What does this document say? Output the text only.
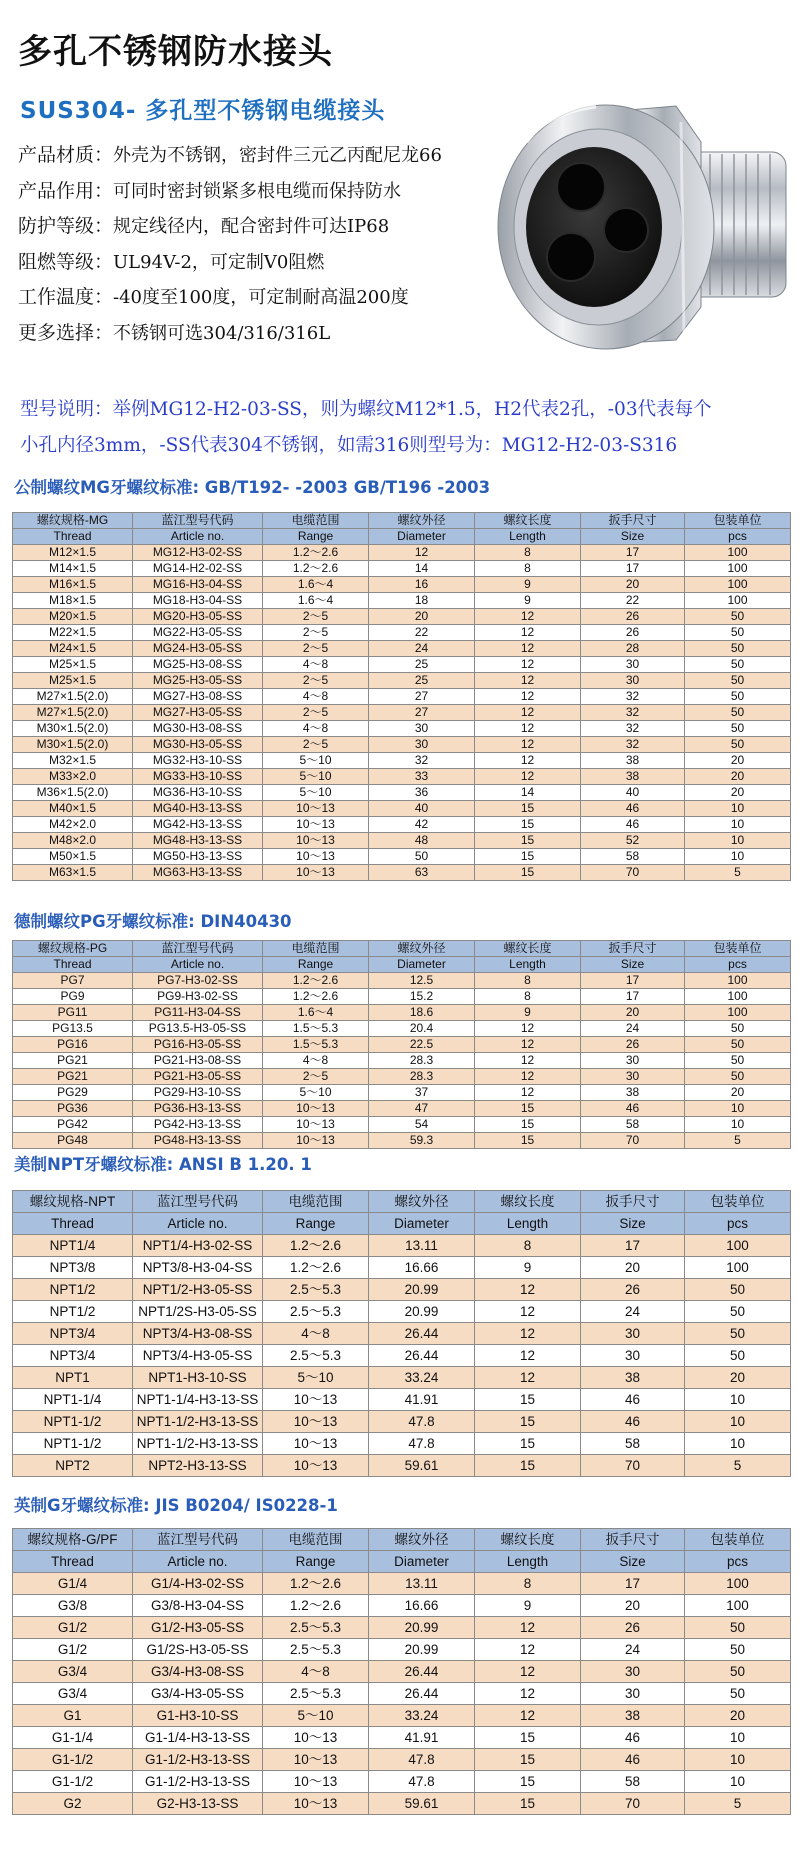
多孔不锈钢防水接头
SUS304- 多孔型不锈钢电缆接头
产品材质：外壳为不锈钢，密封件三元乙丙配尼龙66
产品作用：可同时密封锁紧多根电缆而保持防水
防护等级：规定线径内，配合密封件可达IP68
阻燃等级：UL94V-2，可定制V0阻燃
工作温度：-40度至100度，可定制耐高温200度
更多选择：不锈钢可选304/316/316L
型号说明：举例MG12-H2-03-SS，则为螺纹M12*1.5，H2代表2孔，-03代表每个
小孔内径3mm，-SS代表304不锈钢，如需316则型号为：MG12-H2-03-S316
公制螺纹MG牙螺纹标准: GB/T192- -2003 GB/T196 -2003
德制螺纹PG牙螺纹标准: DIN40430
美制NPT牙螺纹标准: ANSI B 1.20. 1
英制G牙螺纹标准: JIS B0204/ IS0228-1
螺纹规格-MG	蓝江型号代码	电缆范围	螺纹外径	螺纹长度	扳手尺寸	包装单位
Thread	Article no.	Range	Diameter	Length	Size	pcs
M12×1.5	MG12-H3-02-SS	1.2～2.6	12	8	17	100
M14×1.5	MG14-H2-02-SS	1.2～2.6	14	8	17	100
M16×1.5	MG16-H3-04-SS	1.6～4	16	9	20	100
M18×1.5	MG18-H3-04-SS	1.6～4	18	9	22	100
M20×1.5	MG20-H3-05-SS	2～5	20	12	26	50
M22×1.5	MG22-H3-05-SS	2～5	22	12	26	50
M24×1.5	MG24-H3-05-SS	2～5	24	12	28	50
M25×1.5	MG25-H3-08-SS	4～8	25	12	30	50
M25×1.5	MG25-H3-05-SS	2～5	25	12	30	50
M27×1.5(2.0)	MG27-H3-08-SS	4～8	27	12	32	50
M27×1.5(2.0)	MG27-H3-05-SS	2～5	27	12	32	50
M30×1.5(2.0)	MG30-H3-08-SS	4～8	30	12	32	50
M30×1.5(2.0)	MG30-H3-05-SS	2～5	30	12	32	50
M32×1.5	MG32-H3-10-SS	5～10	32	12	38	20
M33×2.0	MG33-H3-10-SS	5～10	33	12	38	20
M36×1.5(2.0)	MG36-H3-10-SS	5～10	36	14	40	20
M40×1.5	MG40-H3-13-SS	10～13	40	15	46	10
M42×2.0	MG42-H3-13-SS	10～13	42	15	46	10
M48×2.0	MG48-H3-13-SS	10～13	48	15	52	10
M50×1.5	MG50-H3-13-SS	10～13	50	15	58	10
M63×1.5	MG63-H3-13-SS	10～13	63	15	70	5
螺纹规格-PG	蓝江型号代码	电缆范围	螺纹外径	螺纹长度	扳手尺寸	包装单位
Thread	Article no.	Range	Diameter	Length	Size	pcs
PG7	PG7-H3-02-SS	1.2～2.6	12.5	8	17	100
PG9	PG9-H3-02-SS	1.2～2.6	15.2	8	17	100
PG11	PG11-H3-04-SS	1.6～4	18.6	9	20	100
PG13.5	PG13.5-H3-05-SS	1.5～5.3	20.4	12	24	50
PG16	PG16-H3-05-SS	1.5～5.3	22.5	12	26	50
PG21	PG21-H3-08-SS	4～8	28.3	12	30	50
PG21	PG21-H3-05-SS	2～5	28.3	12	30	50
PG29	PG29-H3-10-SS	5～10	37	12	38	20
PG36	PG36-H3-13-SS	10～13	47	15	46	10
PG42	PG42-H3-13-SS	10～13	54	15	58	10
PG48	PG48-H3-13-SS	10～13	59.3	15	70	5
螺纹规格-NPT	蓝江型号代码	电缆范围	螺纹外径	螺纹长度	扳手尺寸	包装单位
Thread	Article no.	Range	Diameter	Length	Size	pcs
NPT1/4	NPT1/4-H3-02-SS	1.2～2.6	13.11	8	17	100
NPT3/8	NPT3/8-H3-04-SS	1.2～2.6	16.66	9	20	100
NPT1/2	NPT1/2-H3-05-SS	2.5～5.3	20.99	12	26	50
NPT1/2	NPT1/2S-H3-05-SS	2.5～5.3	20.99	12	24	50
NPT3/4	NPT3/4-H3-08-SS	4～8	26.44	12	30	50
NPT3/4	NPT3/4-H3-05-SS	2.5～5.3	26.44	12	30	50
NPT1	NPT1-H3-10-SS	5～10	33.24	12	38	20
NPT1-1/4	NPT1-1/4-H3-13-SS	10～13	41.91	15	46	10
NPT1-1/2	NPT1-1/2-H3-13-SS	10～13	47.8	15	46	10
NPT1-1/2	NPT1-1/2-H3-13-SS	10～13	47.8	15	58	10
NPT2	NPT2-H3-13-SS	10～13	59.61	15	70	5
螺纹规格-G/PF	蓝江型号代码	电缆范围	螺纹外径	螺纹长度	扳手尺寸	包装单位
Thread	Article no.	Range	Diameter	Length	Size	pcs
G1/4	G1/4-H3-02-SS	1.2～2.6	13.11	8	17	100
G3/8	G3/8-H3-04-SS	1.2～2.6	16.66	9	20	100
G1/2	G1/2-H3-05-SS	2.5～5.3	20.99	12	26	50
G1/2	G1/2S-H3-05-SS	2.5～5.3	20.99	12	24	50
G3/4	G3/4-H3-08-SS	4～8	26.44	12	30	50
G3/4	G3/4-H3-05-SS	2.5～5.3	26.44	12	30	50
G1	G1-H3-10-SS	5～10	33.24	12	38	20
G1-1/4	G1-1/4-H3-13-SS	10～13	41.91	15	46	10
G1-1/2	G1-1/2-H3-13-SS	10～13	47.8	15	46	10
G1-1/2	G1-1/2-H3-13-SS	10～13	47.8	15	58	10
G2	G2-H3-13-SS	10～13	59.61	15	70	5
